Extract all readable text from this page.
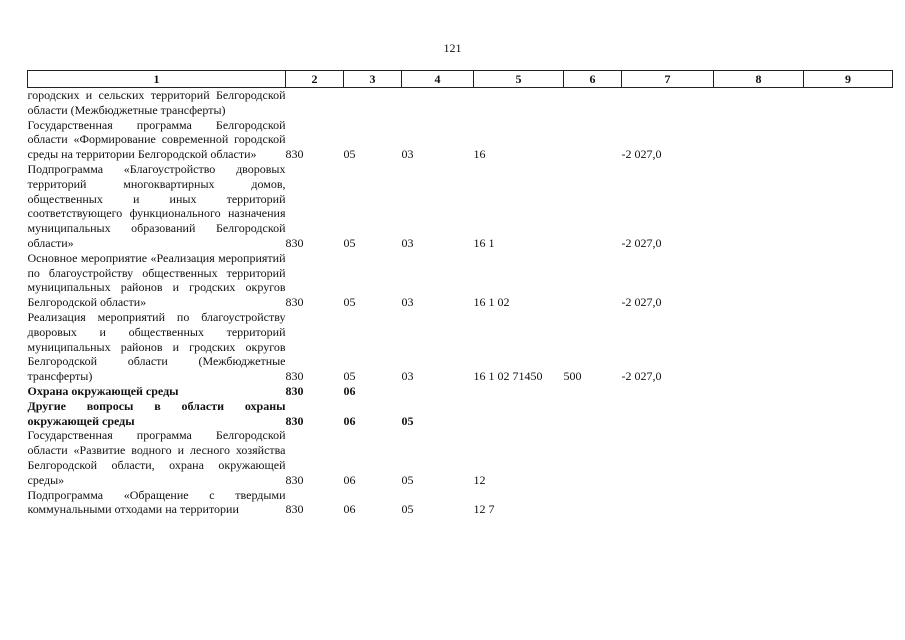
121
1	2	3	4	5	6	7	8	9
городских и сельских территорий Белгородской области (Межбюджетные трансферты)								
Государственная программа Белгородской области «Формирование современной городской среды на территории Белгородской области»	830	05	03	16		-2 027,0		
Подпрограмма «Благоустройство дворовых территорий многоквартирных домов, общественных и иных территорий соответствующего функционального назначения муниципальных образований Белгородской области»	830	05	03	16 1		-2 027,0		
Основное мероприятие «Реализация мероприятий по благоустройству общественных территорий муниципальных районов и гродских округов Белгородской области»	830	05	03	16 1 02		-2 027,0		
Реализация мероприятий по благоустройству дворовых и общественных территорий муниципальных районов и гродских округов Белгородской области (Межбюджетные трансферты)	830	05	03	16 1 02 71450	500	-2 027,0		
Охрана окружающей среды	830	06						
Другие вопросы в области охраны окружающей среды	830	06	05					
Государственная программа Белгородской области «Развитие водного и лесного хозяйства Белгородской области, охрана окружающей среды»	830	06	05	12				
Подпрограмма «Обращение с твердыми коммунальными отходами на территории	830	06	05	12 7				
